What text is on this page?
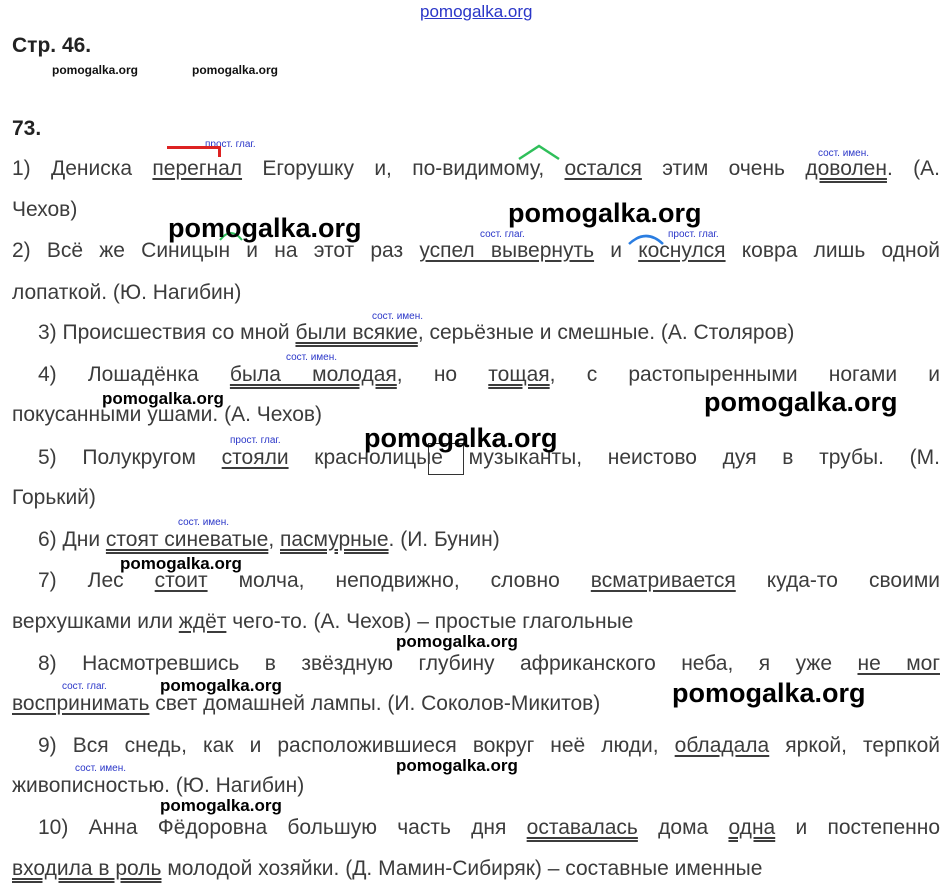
pomogalka.org
Стр. 46.
pomogalka.org	pomogalka.org
73.
прост. глаг.
сост. имен.
сост. глаг.	прост. глаг.
сост. имен.
сост. имен.
прост. глаг.
сост. имен.
сост. глаг.
сост. имен.
1) Дениска перегнал Егорушку и, по-видимому, остался этим очень доволен. (А.
Чехов)
2) Всё же Синицын и на этот раз успел вывернуть и коснулся ковра лишь одной
лопаткой. (Ю. Нагибин)
3) Происшествия со мной были всякие, серьёзные и смешные. (А. Столяров)
4) Лошадёнка была молодая, но тощая, с растопыренными ногами и
покусанными ушами. (А. Чехов)
5) Полукругом стояли краснолицые музыканты, неистово дуя в трубы. (М.
Горький)
6) Дни стоят синеватые, пасмурные. (И. Бунин)
7) Лес стоит молча, неподвижно, словно всматривается куда-то своими
верхушками или ждёт чего-то. (А. Чехов) – простые глагольные
8) Насмотревшись в звёздную глубину африканского неба, я уже не мог
воспринимать свет домашней лампы. (И. Соколов-Микитов)
9) Вся снедь, как и расположившиеся вокруг неё люди, обладала яркой, терпкой
живописностью. (Ю. Нагибин)
10) Анна Фёдоровна большую часть дня оставалась дома одна и постепенно
входила в роль молодой хозяйки. (Д. Мамин-Сибиряк) – составные именные
pomogalka.org	pomogalka.org
pomogalka.org	pomogalka.org
pomogalka.org
pomogalka.org
pomogalka.org
pomogalka.org	pomogalka.org
pomogalka.org
pomogalka.org
